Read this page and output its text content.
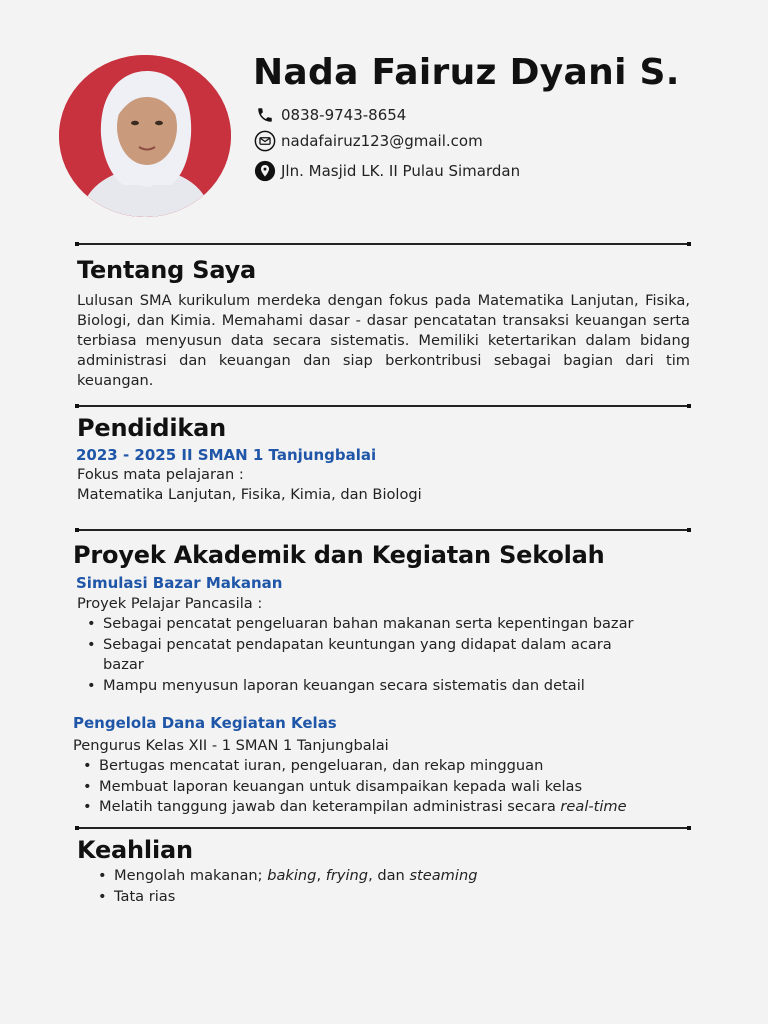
Nada Fairuz Dyani S.
0838-9743-8654
nadafairuz123@gmail.com
Jln. Masjid LK. II Pulau Simardan
Tentang Saya
Lulusan SMA kurikulum merdeka dengan fokus pada Matematika Lanjutan, Fisika, Biologi, dan Kimia. Memahami dasar - dasar pencatatan transaksi keuangan serta terbiasa menyusun data secara sistematis. Memiliki ketertarikan dalam bidang administrasi dan keuangan dan siap berkontribusi sebagai bagian dari tim keuangan.
Pendidikan
2023 - 2025 II SMAN 1 Tanjungbalai
Fokus mata pelajaran :
Matematika Lanjutan, Fisika, Kimia, dan Biologi
Proyek Akademik dan Kegiatan Sekolah
Simulasi Bazar Makanan
Proyek Pelajar Pancasila :
• Sebagai pencatat pengeluaran bahan makanan serta kepentingan bazar
• Sebagai pencatat pendapatan keuntungan yang didapat dalam acara
bazar
• Mampu menyusun laporan keuangan secara sistematis dan detail
Pengelola Dana Kegiatan Kelas
Pengurus Kelas XII - 1 SMAN 1 Tanjungbalai
• Bertugas mencatat iuran, pengeluaran, dan rekap mingguan
• Membuat laporan keuangan untuk disampaikan kepada wali kelas
• Melatih tanggung jawab dan keterampilan administrasi secara real-time
Keahlian
• Mengolah makanan; baking, frying, dan steaming
• Tata rias
